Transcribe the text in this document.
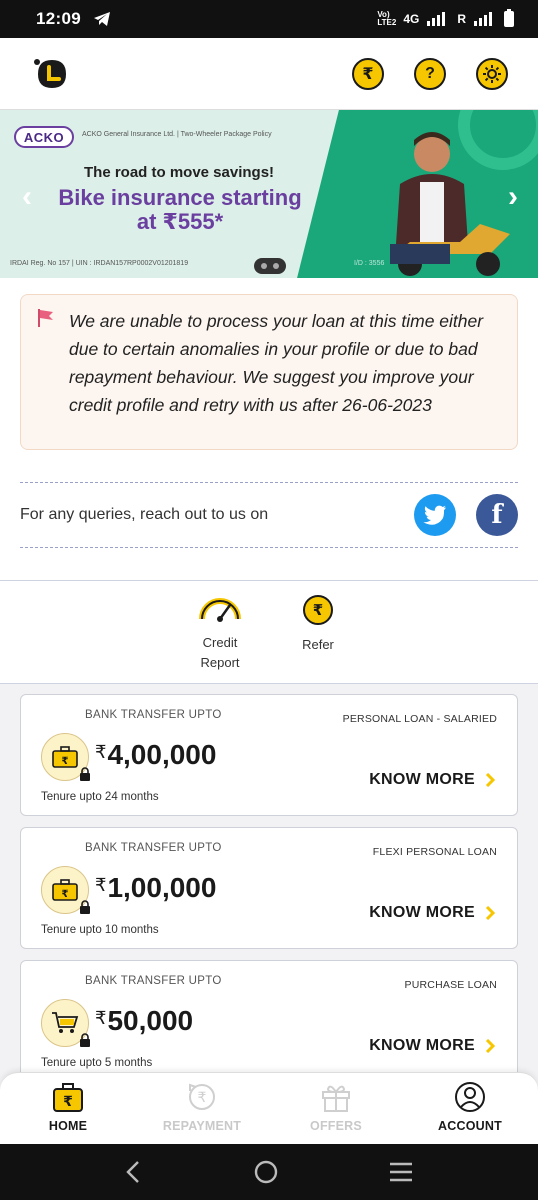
12:09	Vo) LTE2 4G	R
₹	?
ACKO	ACKO General Insurance Ltd. | Two-Wheeler Package Policy
The road to move savings!
Bike insurance starting
at ₹555*
IRDAI Reg. No 157 | UIN : IRDAN157RP0002V01201819	I/D : 3556
‹	›
We are unable to process your loan at this time either due to certain anomalies in your profile or due to bad repayment behaviour. We suggest you improve your credit profile and retry with us after 26-06-2023
For any queries, reach out to us on	f
Credit Report
₹
Refer
BANK TRANSFER UPTO	PERSONAL LOAN - SALARIED
₹ ₹4,00,000
Tenure upto 24 months
KNOW MORE
BANK TRANSFER UPTO	FLEXI PERSONAL LOAN
₹ ₹1,00,000
Tenure upto 10 months
KNOW MORE
BANK TRANSFER UPTO	PURCHASE LOAN
₹50,000
Tenure upto 5 months
KNOW MORE
₹
HOME
₹
REPAYMENT	OFFERS	ACCOUNT
